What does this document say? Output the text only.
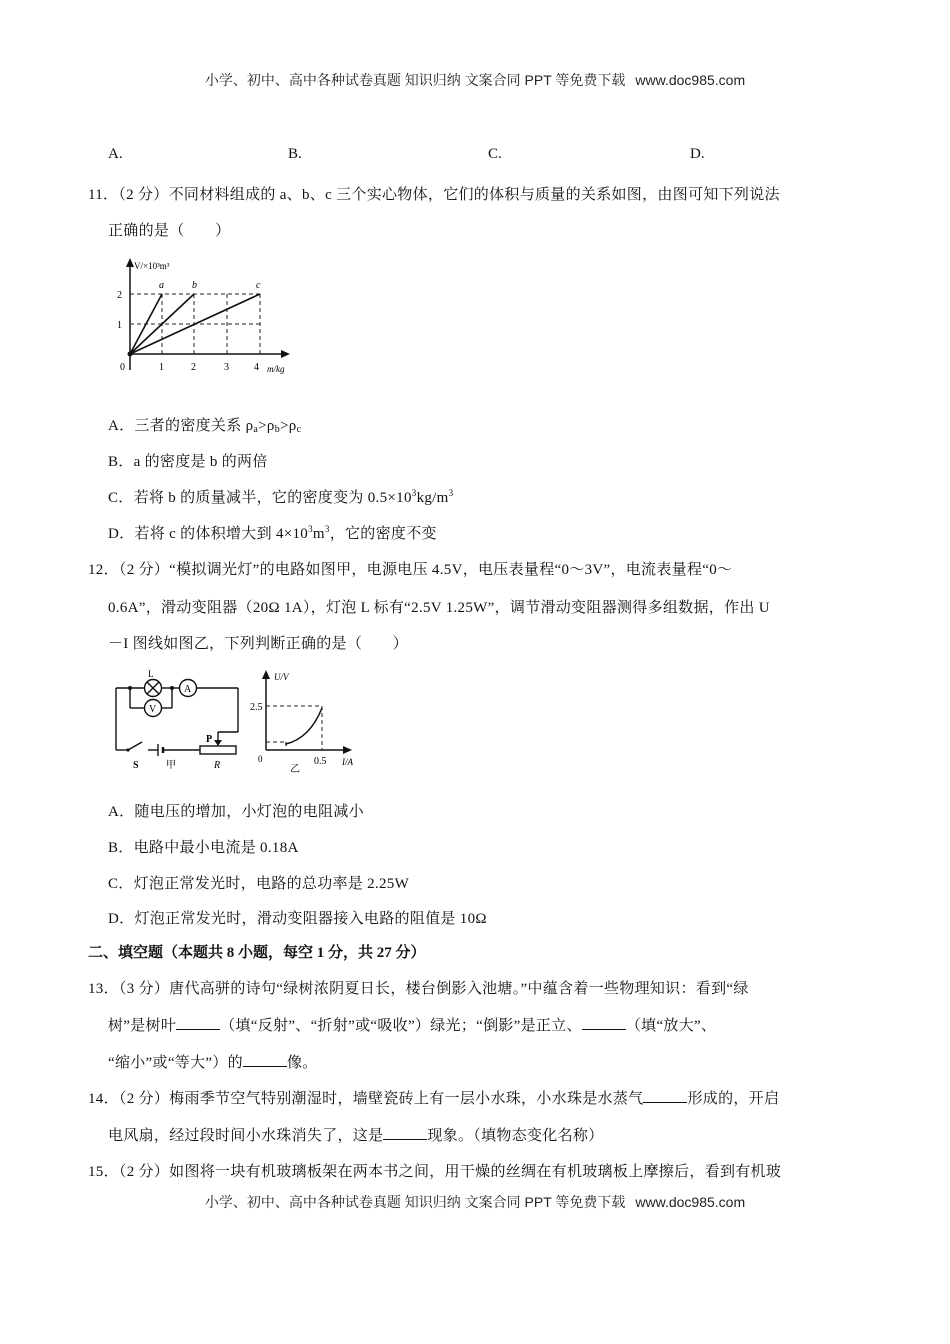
小学、初中、高中各种试卷真题 知识归纳 文案合同 PPT 等免费下载 www.doc985.com
A.	B.	C.	D.
11．（2 分）不同材料组成的 a、b、c 三个实心物体，它们的体积与质量的关系如图，由图可知下列说法
正确的是（　　）
V/×10³m³
a	b	c
2
1
0	1	2	3	4 m/kg
A．三者的密度关系 $\rho_a>\rho_b>\rho_c$
B．a 的密度是 b 的两倍
C．若将 b 的质量减半，它的密度变为 $0.5\times 10^3kg/m^3$
D．若将 c 的体积增大到 $4\times 10^3m^3$，它的密度不变
12．（2 分）“模拟调光灯”的电路如图甲，电源电压 4.5V，电压表量程“0～3V”，电流表量程“0～
0.6A”，滑动变阻器（20Ω 1A），灯泡 L 标有“2.5V 1.25W”，调节滑动变阻器测得多组数据，作出 U
－I 图线如图乙，下列判断正确的是（　　）
L
V
A
P
S	甲	R
U/V
2.5
0	0.5 I/A
乙
A．随电压的增加，小灯泡的电阻减小
B．电路中最小电流是 0.18A
C．灯泡正常发光时，电路的总功率是 2.25W
D．灯泡正常发光时，滑动变阻器接入电路的阻值是 10Ω
二、填空题（本题共 8 小题，每空 1 分，共 27 分）
13．（3 分）唐代高骈的诗句“绿树浓阴夏日长，楼台倒影入池塘。”中蕴含着一些物理知识：看到“绿
树”是树叶	（填“反射”、“折射”或“吸收”）绿光；“倒影”是正立、	（填“放大”、
“缩小”或“等大”）的	像。
14．（2 分）梅雨季节空气特别潮湿时，墙壁瓷砖上有一层小水珠，小水珠是水蒸气	形成的，开启
电风扇，经过段时间小水珠消失了，这是	现象。（填物态变化名称）
15．（2 分）如图将一块有机玻璃板架在两本书之间，用干燥的丝绸在有机玻璃板上摩擦后，看到有机玻
小学、初中、高中各种试卷真题 知识归纳 文案合同 PPT 等免费下载 www.doc985.com
